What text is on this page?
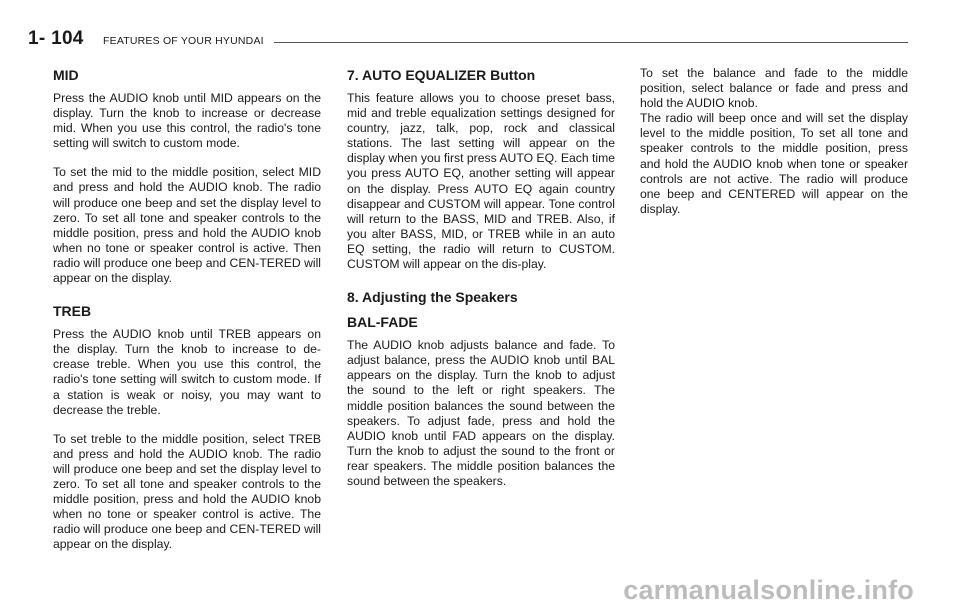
1- 104 FEATURES OF YOUR HYUNDAI
MID

Press the AUDIO knob until MID appears on the display. Turn the knob to increase or decrease mid. When you use this control, the radio's tone setting will switch to custom mode.

To set the mid to the middle position, select MID and press and hold the AUDIO knob. The radio will produce one beep and set the display level to zero. To set all tone and speaker controls to the middle position, press and hold the AUDIO knob when no tone or speaker control is active. Then radio will produce one beep and CEN-TERED will appear on the display.

TREB

Press the AUDIO knob until TREB appears on the display. Turn the knob to increase to de-crease treble. When you use this control, the radio's tone setting will switch to custom mode. If a station is weak or noisy, you may want to decrease the treble.

To set treble to the middle position, select TREB and press and hold the AUDIO knob. The radio will produce one beep and set the display level to zero. To set all tone and speaker controls to the middle position, press and hold the AUDIO knob when no tone or speaker control is active. The radio will produce one beep and CEN-TERED will appear on the display.

7. AUTO EQUALIZER Button

This feature allows you to choose preset bass, mid and treble equalization settings designed for country, jazz, talk, pop, rock and classical stations. The last setting will appear on the display when you first press AUTO EQ. Each time you press AUTO EQ, another setting will appear on the display. Press AUTO EQ again country disappear and CUSTOM will appear. Tone control will return to the BASS, MID and TREB. Also, if you alter BASS, MID, or TREB while in an auto EQ setting, the radio will return to CUSTOM. CUSTOM will appear on the dis-play.

8. Adjusting the Speakers
BAL-FADE

The AUDIO knob adjusts balance and fade. To adjust balance, press the AUDIO knob until BAL appears on the display. Turn the knob to adjust the sound to the left or right speakers. The middle position balances the sound between the speakers. To adjust fade, press and hold the AUDIO knob until FAD appears on the display. Turn the knob to adjust the sound to the front or rear speakers. The middle position balances the sound between the speakers.

To set the balance and fade to the middle position, select balance or fade and press and hold the AUDIO knob.

The radio will beep once and will set the display level to the middle position, To set all tone and speaker controls to the middle position, press and hold the AUDIO knob when tone or speaker controls are not active. The radio will produce one beep and CENTERED will appear on the display.

carmanualsonline.info
